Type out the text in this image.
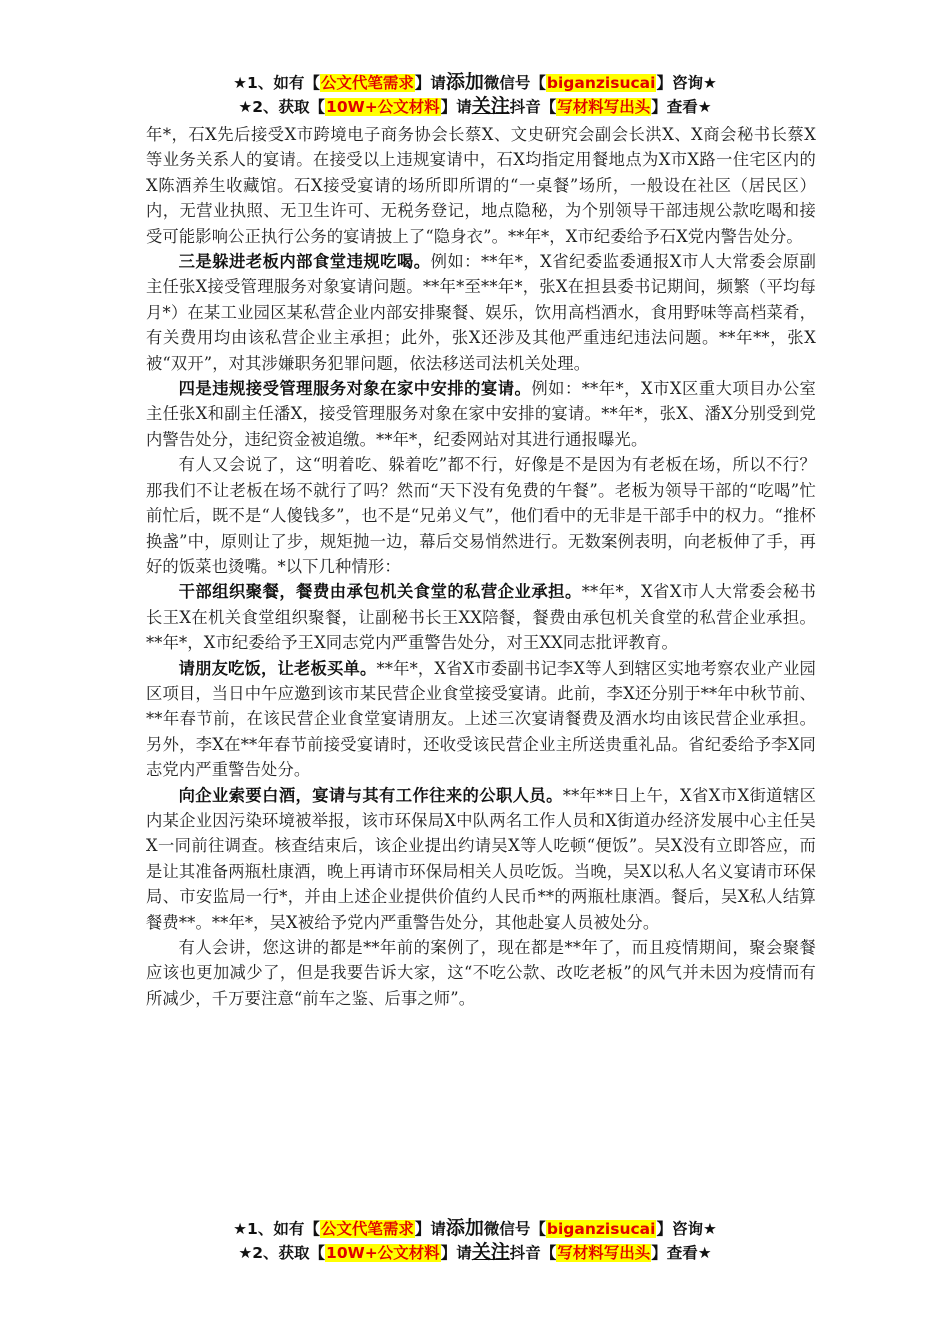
★1、如有【公文代笔需求】请添加微信号【biganzisucai】咨询★
★2、获取【10W+公文材料】请关注抖音【写材料写出头】查看★

年*，石X先后接受X市跨境电子商务协会长蔡X、文史研究会副会长洪X、X商会秘书长蔡X等业务关系人的宴请。在接受以上违规宴请中，石X均指定用餐地点为X市X路一住宅区内的X陈酒养生收藏馆。石X接受宴请的场所即所谓的“一桌餐”场所，一般设在社区（居民区）内，无营业执照、无卫生许可、无税务登记，地点隐秘，为个别领导干部违规公款吃喝和接受可能影响公正执行公务的宴请披上了“隐身衣”。**年*，X市纪委给予石X党内警告处分。

三是躲进老板内部食堂违规吃喝。例如：**年*，X省纪委监委通报X市人大常委会原副主任张X接受管理服务对象宴请问题。**年*至**年*，张X在担县委书记期间，频繁（平均每月*）在某工业园区某私营企业内部安排聚餐、娱乐，饮用高档酒水，食用野味等高档菜肴，有关费用均由该私营企业主承担；此外，张X还涉及其他严重违纪违法问题。**年**，张X被“双开”，对其涉嫌职务犯罪问题，依法移送司法机关处理。

四是违规接受管理服务对象在家中安排的宴请。例如：**年*，X市X区重大项目办公室主任张X和副主任潘X，接受管理服务对象在家中安排的宴请。**年*，张X、潘X分别受到党内警告处分，违纪资金被追缴。**年*，纪委网站对其进行通报曝光。

有人又会说了，这“明着吃、躲着吃”都不行，好像是不是因为有老板在场，所以不行？那我们不让老板在场不就行了吗？然而“天下没有免费的午餐”。老板为领导干部的“吃喝”忙前忙后，既不是“人傻钱多”，也不是“兄弟义气”，他们看中的无非是干部手中的权力。“推杯换盏”中，原则让了步，规矩抛一边，幕后交易悄然进行。无数案例表明，向老板伸了手，再好的饭菜也烫嘴。*以下几种情形：

干部组织聚餐，餐费由承包机关食堂的私营企业承担。**年*，X省X市人大常委会秘书长王X在机关食堂组织聚餐，让副秘书长王XX陪餐，餐费由承包机关食堂的私营企业承担。**年*，X市纪委给予王X同志党内严重警告处分，对王XX同志批评教育。

请朋友吃饭，让老板买单。**年*，X省X市委副书记李X等人到辖区实地考察农业产业园区项目，当日中午应邀到该市某民营企业食堂接受宴请。此前，李X还分别于**年中秋节前、**年春节前，在该民营企业食堂宴请朋友。上述三次宴请餐费及酒水均由该民营企业承担。另外，李X在**年春节前接受宴请时，还收受该民营企业主所送贵重礼品。省纪委给予李X同志党内严重警告处分。

向企业索要白酒，宴请与其有工作往来的公职人员。**年**日上午，X省X市X街道辖区内某企业因污染环境被举报，该市环保局X中队两名工作人员和X街道办经济发展中心主任吴X一同前往调查。核查结束后，该企业提出约请吴X等人吃顿“便饭”。吴X没有立即答应，而是让其准备两瓶杜康酒，晚上再请市环保局相关人员吃饭。当晚，吴X以私人名义宴请市环保局、市安监局一行*，并由上述企业提供价值约人民币**的两瓶杜康酒。餐后，吴X私人结算餐费**。**年*，吴X被给予党内严重警告处分，其他赴宴人员被处分。

有人会讲，您这讲的都是**年前的案例了，现在都是**年了，而且疫情期间，聚会聚餐应该也更加减少了，但是我要告诉大家，这“不吃公款、改吃老板”的风气并未因为疫情而有所减少，千万要注意“前车之鉴、后事之师”。

★1、如有【公文代笔需求】请添加微信号【biganzisucai】咨询★
★2、获取【10W+公文材料】请关注抖音【写材料写出头】查看★
